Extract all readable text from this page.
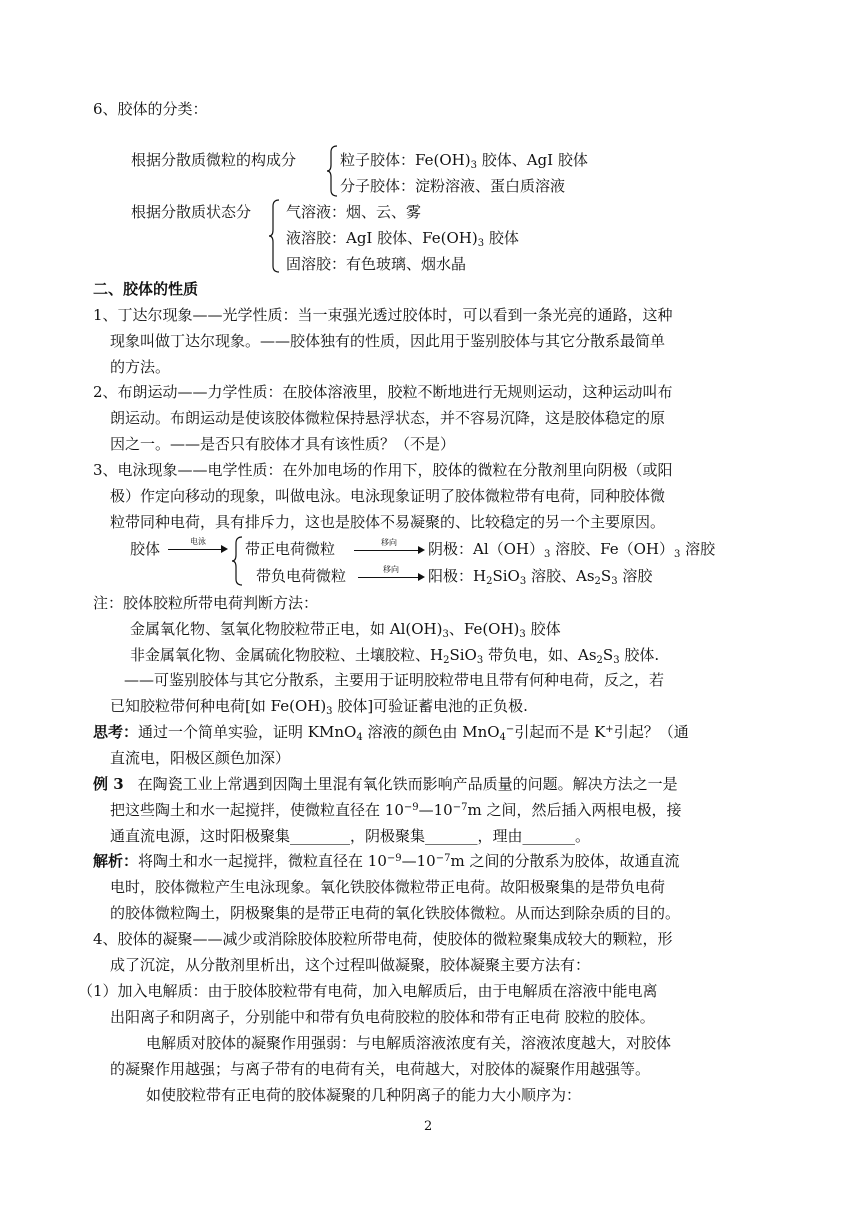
6、胶体的分类：
根据分散质微粒的构成分	粒子胶体：$Fe(OH)_3$ 胶体、AgI 胶体
分子胶体：淀粉溶液、蛋白质溶液
根据分散质状态分 气溶液：烟、云、雾
液溶胶：AgI 胶体、$Fe(OH)_3$ 胶体
固溶胶：有色玻璃、烟水晶
二、胶体的性质
1、丁达尔现象——光学性质：当一束强光透过胶体时，可以看到一条光亮的通路，这种
现象叫做丁达尔现象。——胶体独有的性质，因此用于鉴别胶体与其它分散系最简单
的方法。
2、布朗运动——力学性质：在胶体溶液里，胶粒不断地进行无规则运动，这种运动叫布
朗运动。布朗运动是使该胶体微粒保持悬浮状态，并不容易沉降，这是胶体稳定的原
因之一。——是否只有胶体才具有该性质？（不是）
3、电泳现象——电学性质：在外加电场的作用下，胶体的微粒在分散剂里向阴极（或阳
极）作定向移动的现象，叫做电泳。电泳现象证明了胶体微粒带有电荷，同种胶体微
粒带同种电荷，具有排斥力，这也是胶体不易凝聚的、比较稳定的另一个主要原因。
胶体	电泳	带正电荷微粒	移向	阴极：$Al(OH)_3$ 溶胶、$Fe(OH)_3$ 溶胶
带负电荷微粒	移向	阳极：$H_2SiO_3$ 溶胶、$As_2S_3$ 溶胶
注：胶体胶粒所带电荷判断方法：
金属氧化物、氢氧化物胶粒带正电，如 $Al(OH)_3$、$Fe(OH)_3$ 胶体
非金属氧化物、金属硫化物胶粒、土壤胶粒、$H_2SiO_3$ 带负电，如、$As_2S_3$ 胶体.
——可鉴别胶体与其它分散系，主要用于证明胶粒带电且带有何种电荷，反之，若
已知胶粒带何种电荷[如 $Fe(OH)_3$ 胶体]可验证蓄电池的正负极.
思考：通过一个简单实验，证明 KMnO$_4$ 溶液的颜色由 MnO$_4$−引起而不是 K+引起？（通
直流电，阳极区颜色加深）
例 3 在陶瓷工业上常遇到因陶土里混有氧化铁而影响产品质量的问题。解决方法之一是
把这些陶土和水一起搅拌，使微粒直径在 $10^{-9}—10^{-7}m$ 之间，然后插入两根电极，接
通直流电源，这时阳极聚集________，阴极聚集_______，理由_______。
解析：将陶土和水一起搅拌，微粒直径在 $10^{-9}—10^{-7}m$ 之间的分散系为胶体，故通直流
电时，胶体微粒产生电泳现象。氧化铁胶体微粒带正电荷。故阳极聚集的是带负电荷
的胶体微粒陶土，阴极聚集的是带正电荷的氧化铁胶体微粒。从而达到除杂质的目的。
4、胶体的凝聚——减少或消除胶体胶粒所带电荷，使胶体的微粒聚集成较大的颗粒，形
成了沉淀，从分散剂里析出，这个过程叫做凝聚，胶体凝聚主要方法有：
（1）加入电解质：由于胶体胶粒带有电荷，加入电解质后，由于电解质在溶液中能电离
出阳离子和阴离子，分别能中和带有负电荷胶粒的胶体和带有正电荷 胶粒的胶体。
电解质对胶体的凝聚作用强弱：与电解质溶液浓度有关，溶液浓度越大，对胶体
的凝聚作用越强；与离子带有的电荷有关，电荷越大，对胶体的凝聚作用越强等。
如使胶粒带有正电荷的胶体凝聚的几种阴离子的能力大小顺序为：
2
